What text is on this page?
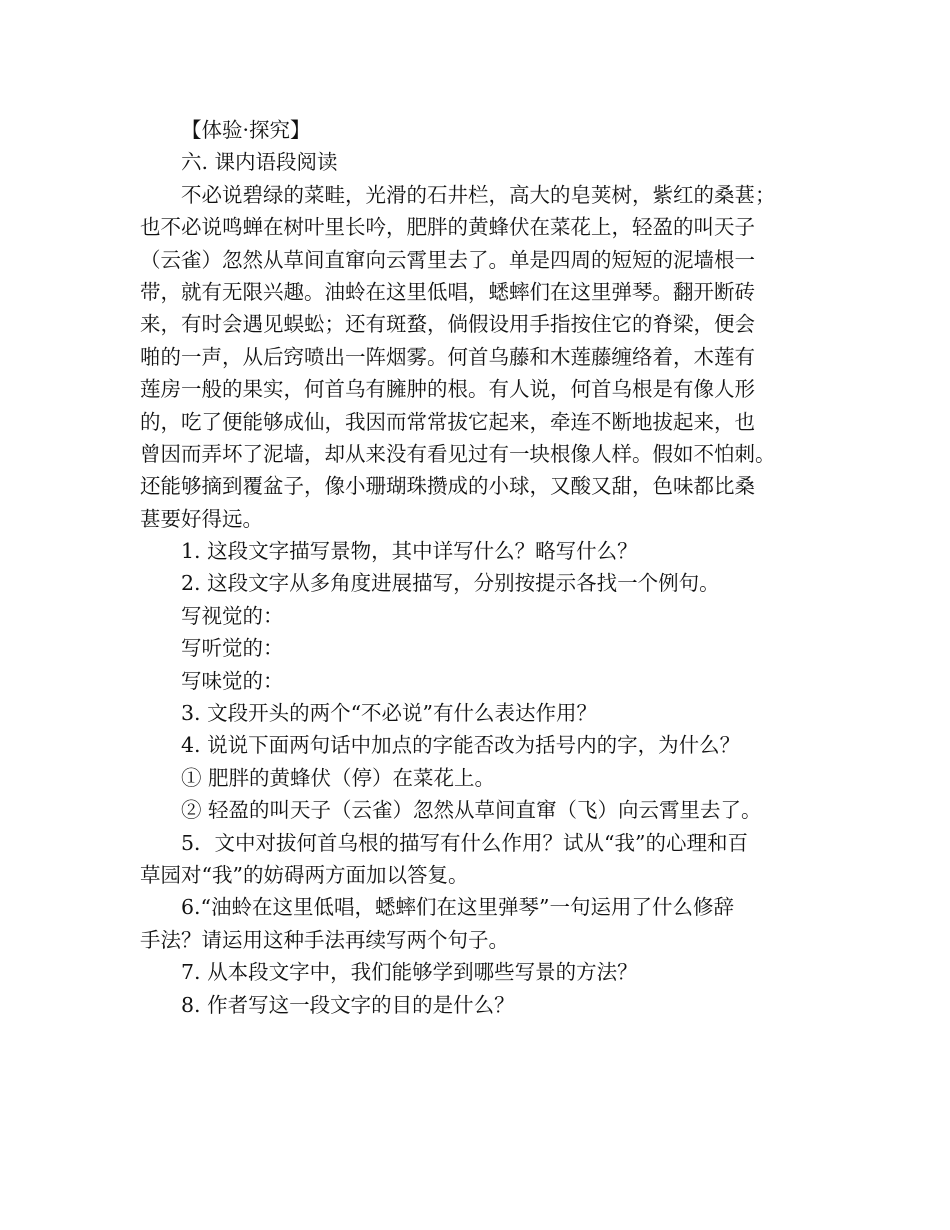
【体验·探究】
六. 课内语段阅读
不必说碧绿的菜畦，光滑的石井栏，高大的皂荚树，紫红的桑葚；
也不必说鸣蝉在树叶里长吟，肥胖的黄蜂伏在菜花上，轻盈的叫天子
（云雀）忽然从草间直窜向云霄里去了。单是四周的短短的泥墙根一
带，就有无限兴趣。油蛉在这里低唱，蟋蟀们在这里弹琴。翻开断砖
来，有时会遇见蜈蚣；还有斑蝥，倘假设用手指按住它的脊梁，便会
啪的一声，从后窍喷出一阵烟雾。何首乌藤和木莲藤缠络着，木莲有
莲房一般的果实，何首乌有臃肿的根。有人说，何首乌根是有像人形
的，吃了便能够成仙，我因而常常拔它起来，牵连不断地拔起来，也
曾因而弄坏了泥墙，却从来没有看见过有一块根像人样。假如不怕刺。
还能够摘到覆盆子，像小珊瑚珠攒成的小球，又酸又甜，色味都比桑
葚要好得远。
1. 这段文字描写景物，其中详写什么？略写什么？
2. 这段文字从多角度进展描写，分别按提示各找一个例句。
写视觉的：
写听觉的：
写味觉的：
3. 文段开头的两个“不必说”有什么表达作用？
4. 说说下面两句话中加点的字能否改为括号内的字，为什么？
① 肥胖的黄蜂伏（停）在菜花上。
② 轻盈的叫天子（云雀）忽然从草间直窜（飞）向云霄里去了。
5．文中对拔何首乌根的描写有什么作用？试从“我”的心理和百
草园对“我”的妨碍两方面加以答复。
6.“油蛉在这里低唱，蟋蟀们在这里弹琴”一句运用了什么修辞
手法？请运用这种手法再续写两个句子。
7. 从本段文字中，我们能够学到哪些写景的方法？
8. 作者写这一段文字的目的是什么？
